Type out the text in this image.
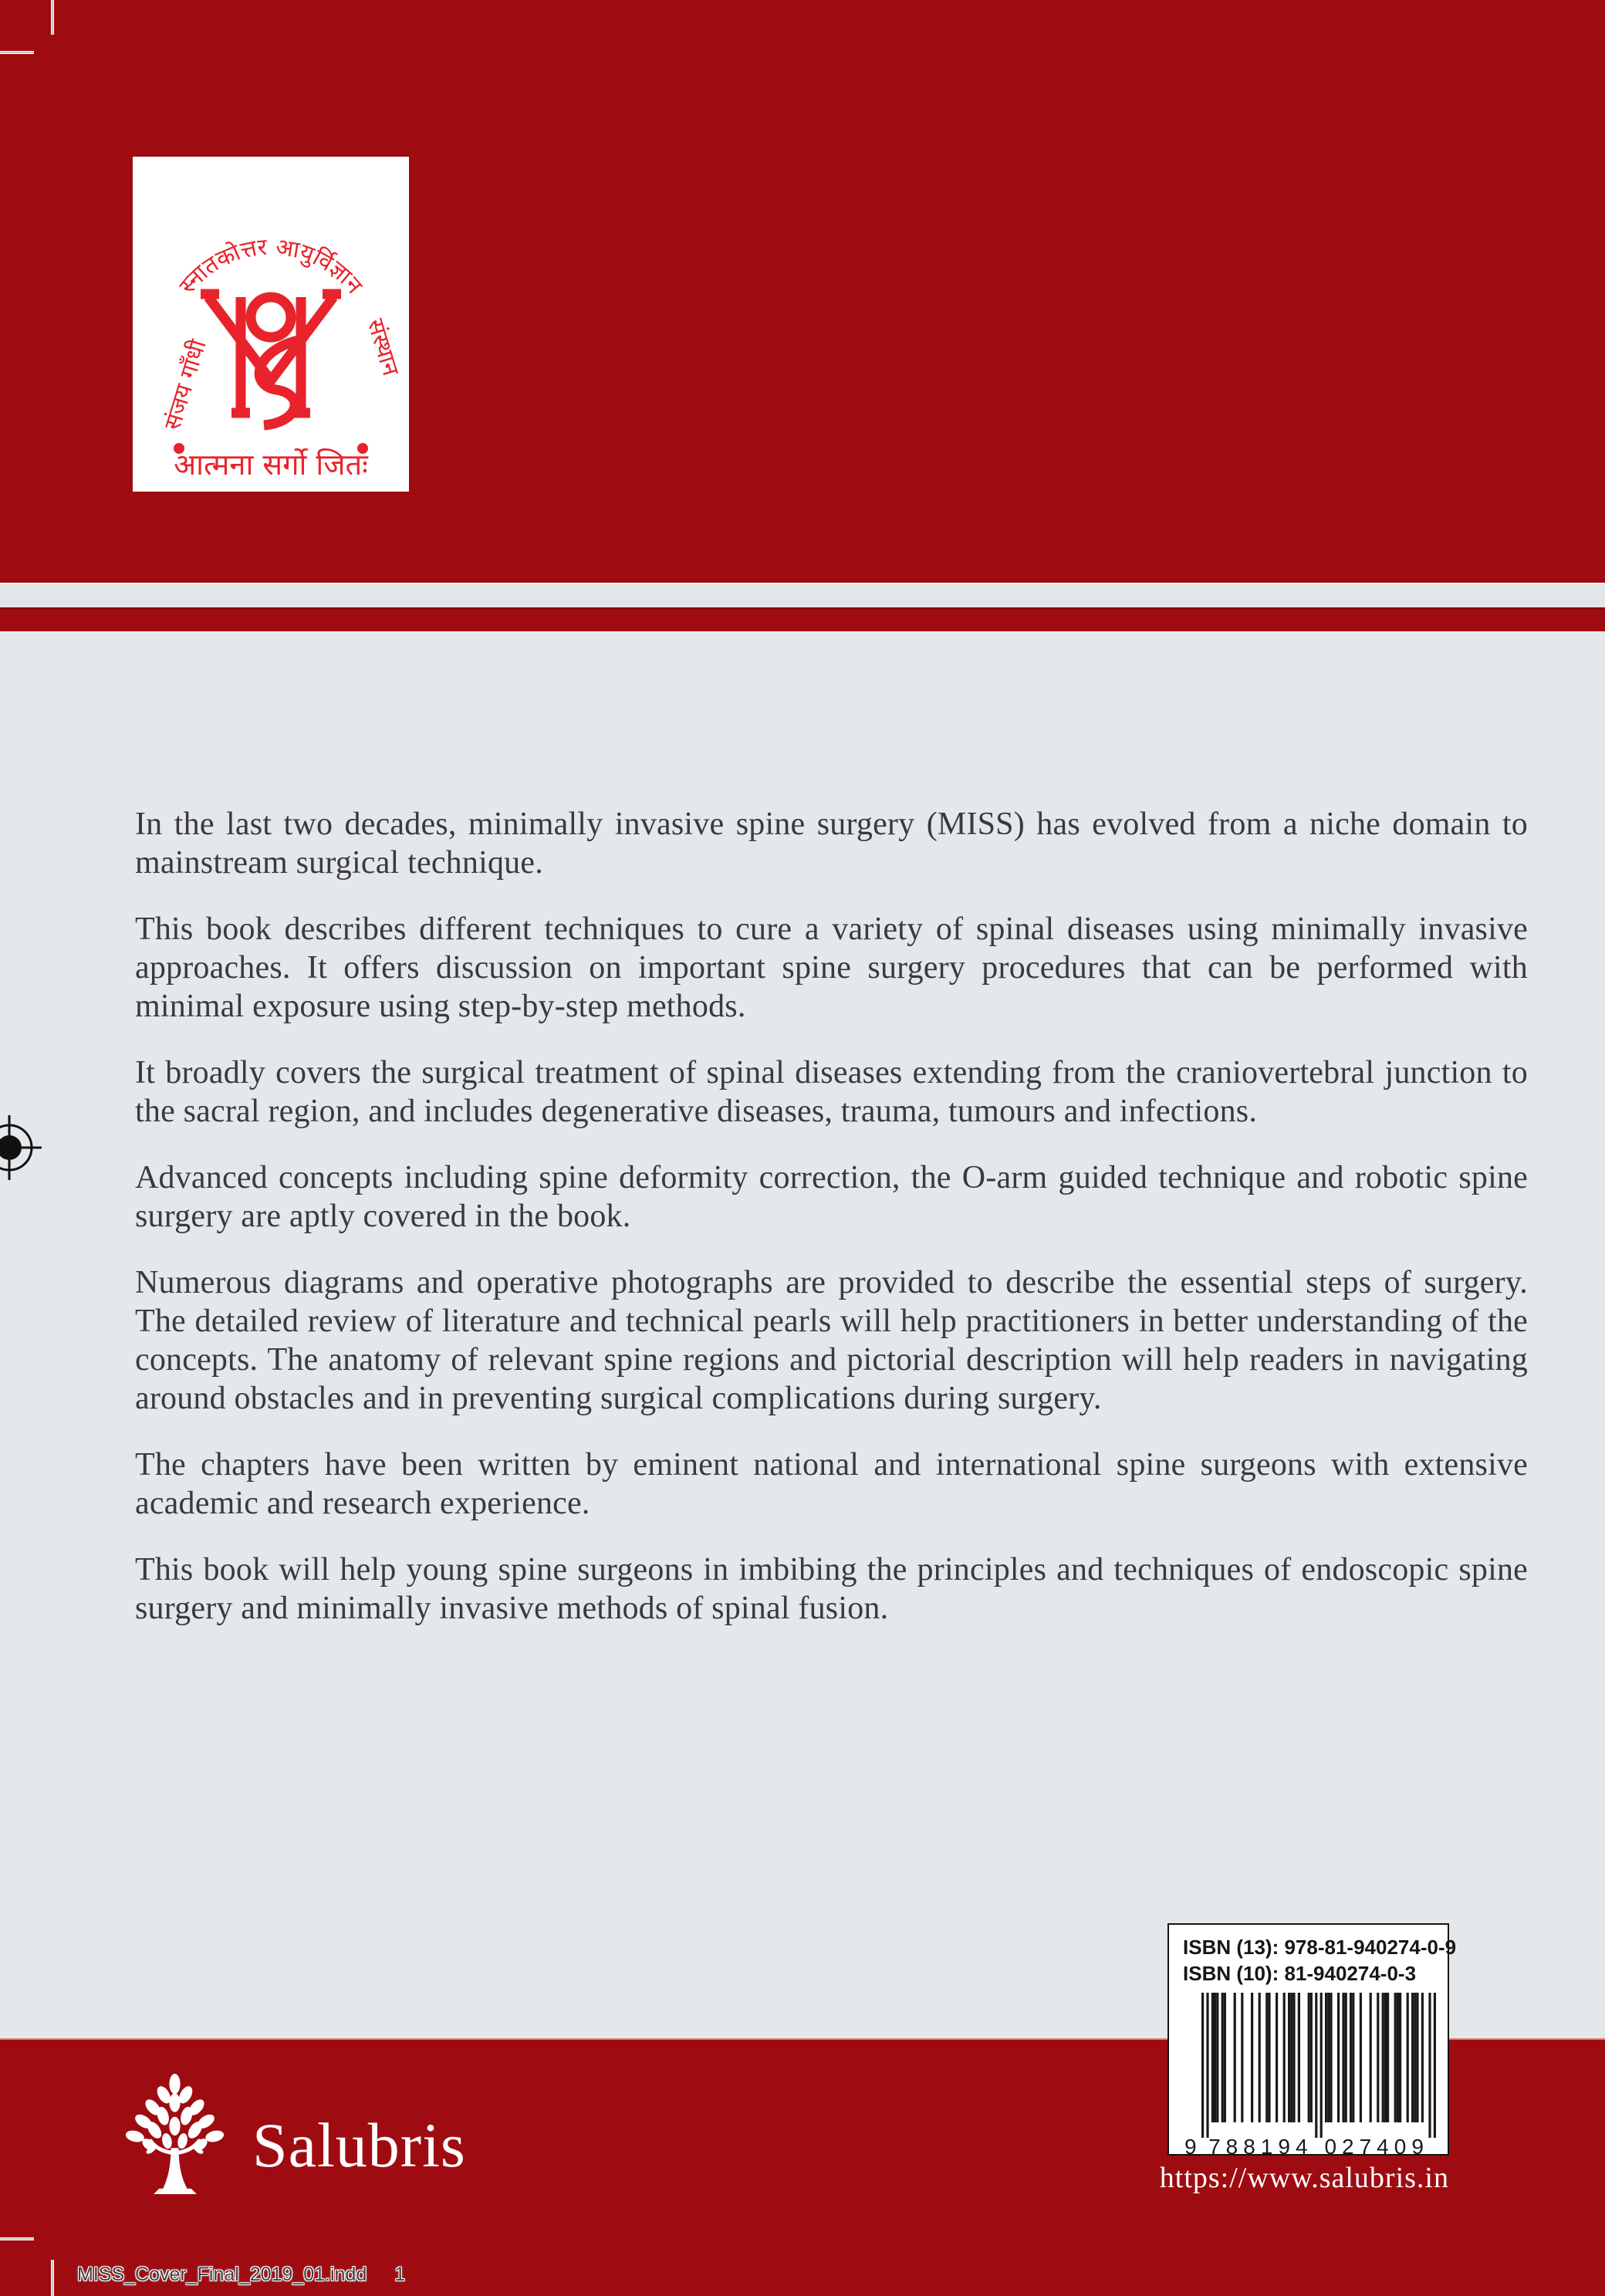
स्नातकोत्तर आयुर्विज्ञान
संजय गाँधी	संस्थान
आत्मना सर्गो जितः

In the last two decades, minimally invasive spine surgery (MISS) has evolved from a niche domain to mainstream surgical technique.

This book describes different techniques to cure a variety of spinal diseases using minimally invasive approaches. It offers discussion on important spine surgery procedures that can be performed with minimal exposure using step-by-step methods.

It broadly covers the surgical treatment of spinal diseases extending from the craniovertebral junction to the sacral region, and includes degenerative diseases, trauma, tumours and infections.

Advanced concepts including spine deformity correction, the O-arm guided technique and robotic spine surgery are aptly covered in the book.

Numerous diagrams and operative photographs are provided to describe the essential steps of surgery. The detailed review of literature and technical pearls will help practitioners in better understanding of the concepts. The anatomy of relevant spine regions and pictorial description will help readers in navigating around obstacles and in preventing surgical complications during surgery.

The chapters have been written by eminent national and international spine surgeons with extensive academic and research experience.

This book will help young spine surgeons in imbibing the principles and techniques of endoscopic spine surgery and minimally invasive methods of spinal fusion.

Salubris	https://www.salubris.in
ISBN (13): 978-81-940274-0-9
ISBN (10): 81-940274-0-3
9 788194 027409
MISS_Cover_Final_2019_01.indd 1
